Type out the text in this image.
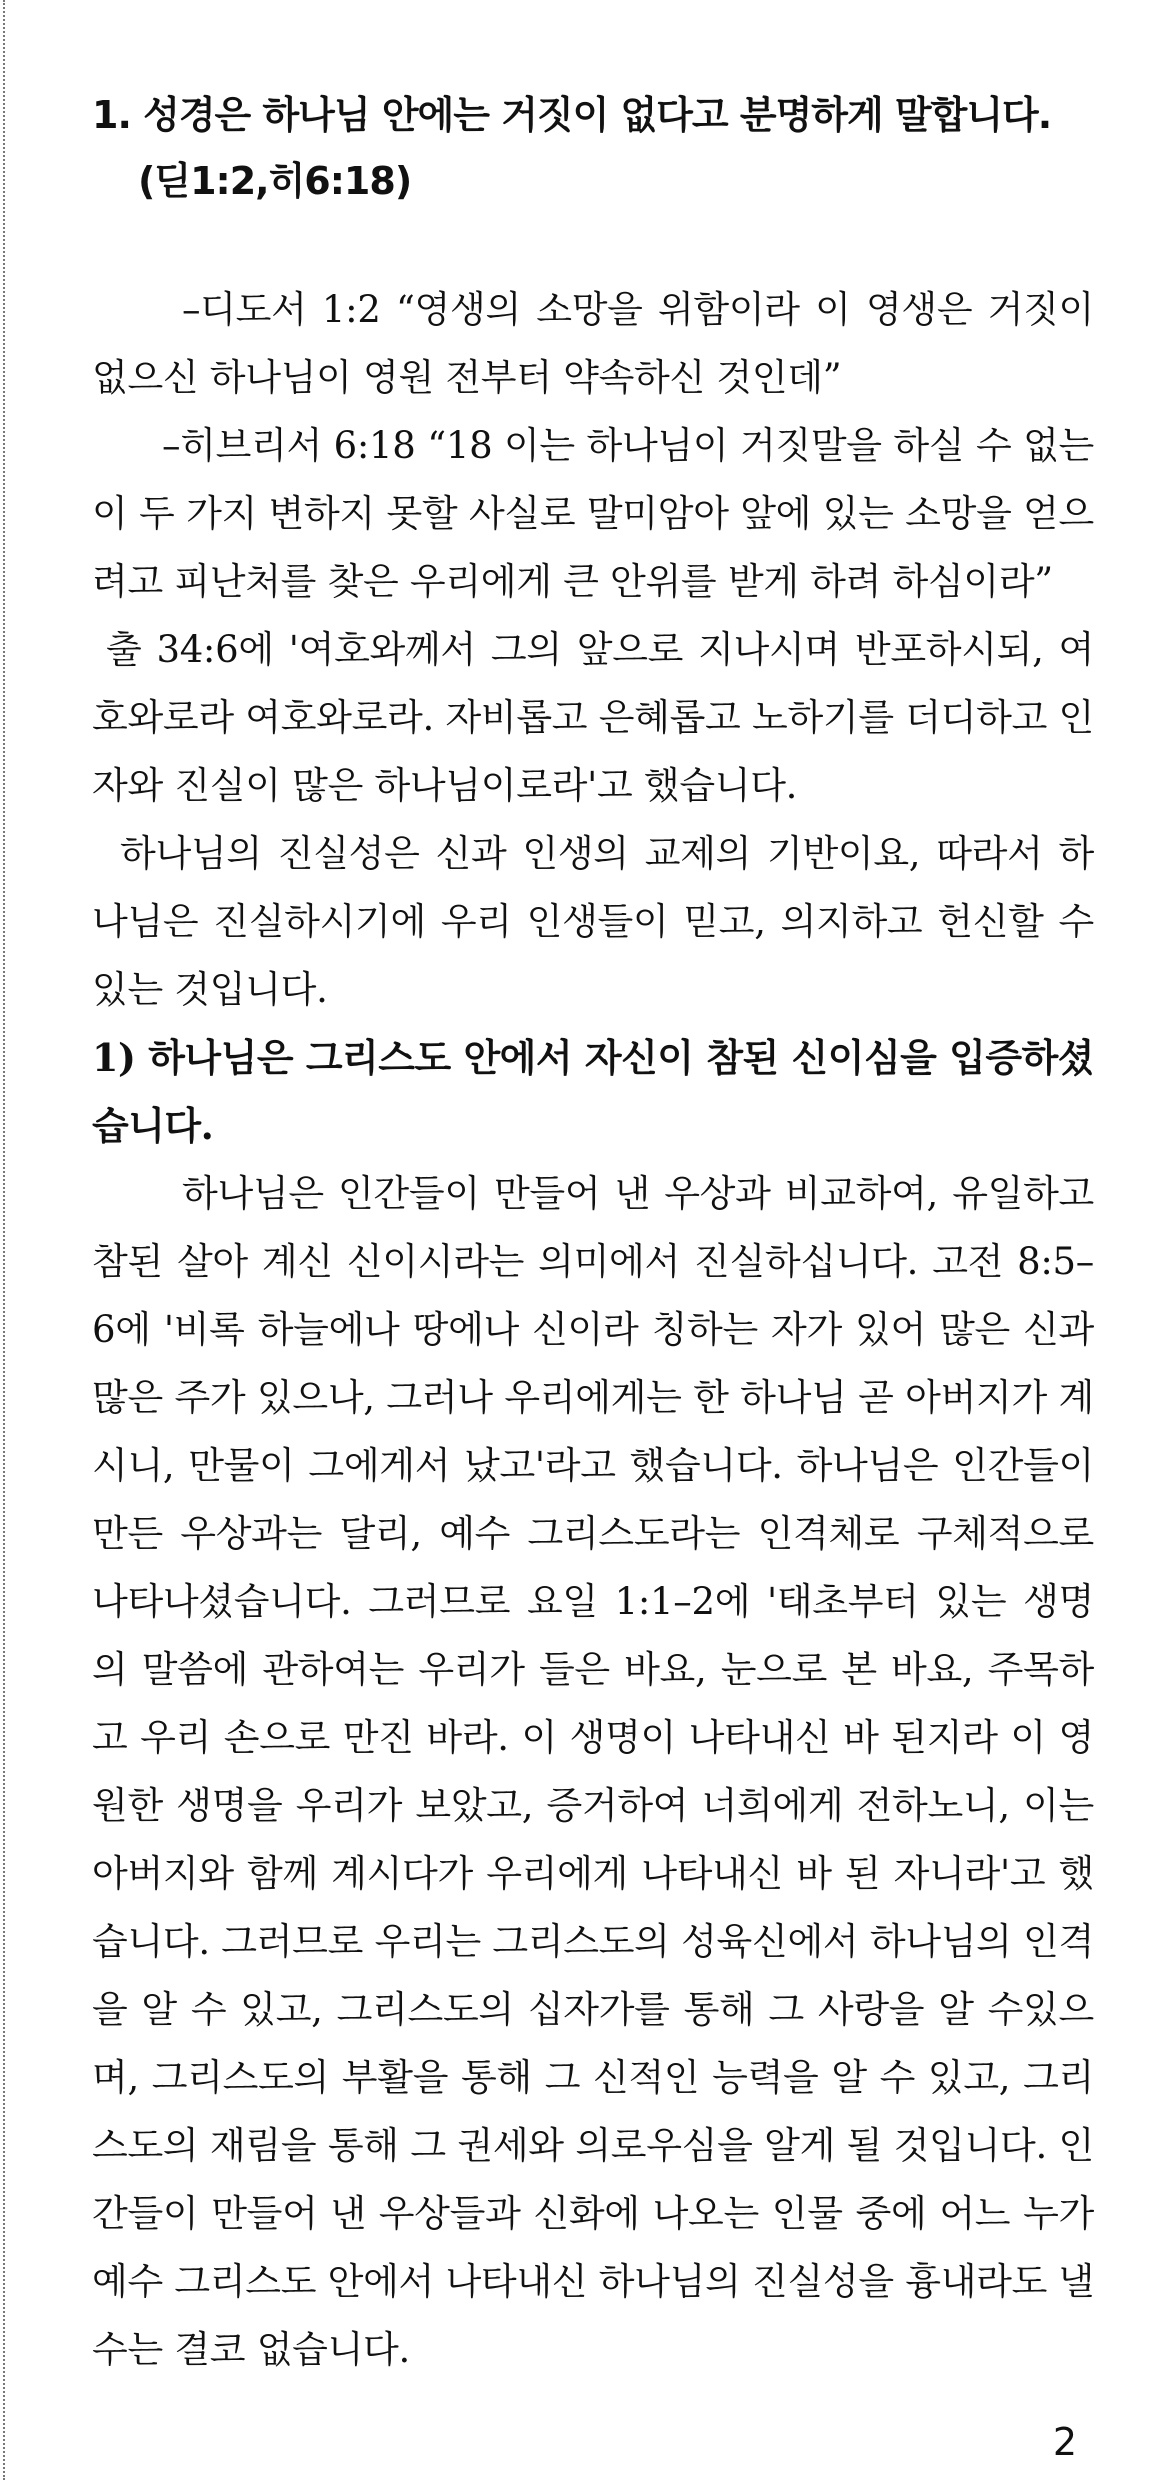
1. 성경은 하나님 안에는 거짓이 없다고 분명하게 말합니다.

(딛1:2,히6:18)

–디도서 1:2 “영생의 소망을 위함이라 이 영생은 거짓이 없으신 하나님이 영원 전부터 약속하신 것인데”

–히브리서 6:18 “18 이는 하나님이 거짓말을 하실 수 없는 이 두 가지 변하지 못할 사실로 말미암아 앞에 있는 소망을 얻으려고 피난처를 찾은 우리에게 큰 안위를 받게 하려 하심이라”

출 34:6에 '여호와께서 그의 앞으로 지나시며 반포하시되, 여호와로라 여호와로라. 자비롭고 은혜롭고 노하기를 더디하고 인자와 진실이 많은 하나님이로라'고 했습니다.

하나님의 진실성은 신과 인생의 교제의 기반이요, 따라서 하나님은 진실하시기에 우리 인생들이 믿고, 의지하고 헌신할 수 있는 것입니다.

1) 하나님은 그리스도 안에서 자신이 참된 신이심을 입증하셨습니다.

하나님은 인간들이 만들어 낸 우상과 비교하여, 유일하고 참된 살아 계신 신이시라는 의미에서 진실하십니다. 고전 8:5–6에 '비록 하늘에나 땅에나 신이라 칭하는 자가 있어 많은 신과 많은 주가 있으나, 그러나 우리에게는 한 하나님 곧 아버지가 계시니, 만물이 그에게서 났고'라고 했습니다. 하나님은 인간들이 만든 우상과는 달리, 예수 그리스도라는 인격체로 구체적으로 나타나셨습니다. 그러므로 요일 1:1–2에 '태초부터 있는 생명의 말씀에 관하여는 우리가 들은 바요, 눈으로 본 바요, 주목하고 우리 손으로 만진 바라. 이 생명이 나타내신 바 된지라 이 영원한 생명을 우리가 보았고, 증거하여 너희에게 전하노니, 이는 아버지와 함께 계시다가 우리에게 나타내신 바 된 자니라'고 했습니다. 그러므로 우리는 그리스도의 성육신에서 하나님의 인격을 알 수 있고, 그리스도의 십자가를 통해 그 사랑을 알 수있으며, 그리스도의 부활을 통해 그 신적인 능력을 알 수 있고, 그리스도의 재림을 통해 그 권세와 의로우심을 알게 될 것입니다. 인간들이 만들어 낸 우상들과 신화에 나오는 인물 중에 어느 누가 예수 그리스도 안에서 나타내신 하나님의 진실성을 흉내라도 낼 수는 결코 없습니다.

2
